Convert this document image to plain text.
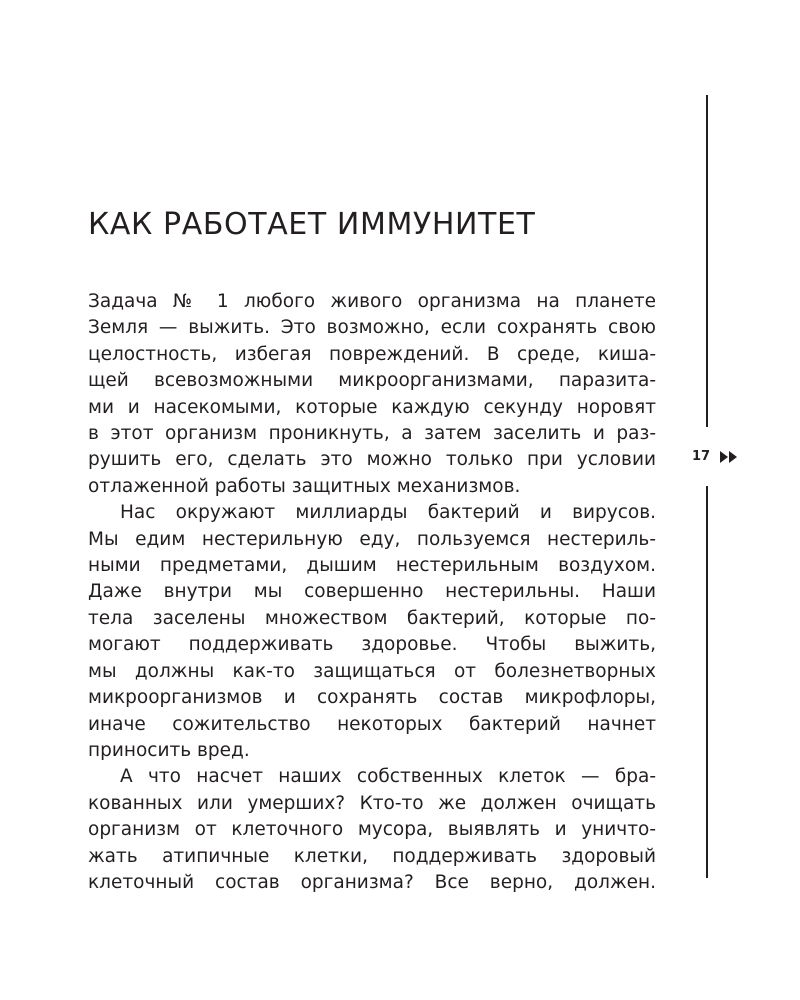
КАК РАБОТАЕТ ИММУНИТЕТ
Задача № 1 любого живого организма на планете
Земля — выжить. Это возможно, если сохранять свою
целостность, избегая повреждений. В среде, киша-
щей всевозможными микроорганизмами, паразита-
ми и насекомыми, которые каждую секунду норовят
в этот организм проникнуть, а затем заселить и раз-
рушить его, сделать это можно только при условии
отлаженной работы защитных механизмов.
Нас окружают миллиарды бактерий и вирусов.
Мы едим нестерильную еду, пользуемся нестериль-
ными предметами, дышим нестерильным воздухом.
Даже внутри мы совершенно нестерильны. Наши
тела заселены множеством бактерий, которые по-
могают поддерживать здоровье. Чтобы выжить,
мы должны как-то защищаться от болезнетворных
микроорганизмов и сохранять состав микрофлоры,
иначе сожительство некоторых бактерий начнет
приносить вред.
А что насчет наших собственных клеток — бра-
кованных или умерших? Кто-то же должен очищать
организм от клеточного мусора, выявлять и уничто-
жать атипичные клетки, поддерживать здоровый
клеточный состав организма? Все верно, должен.
17
